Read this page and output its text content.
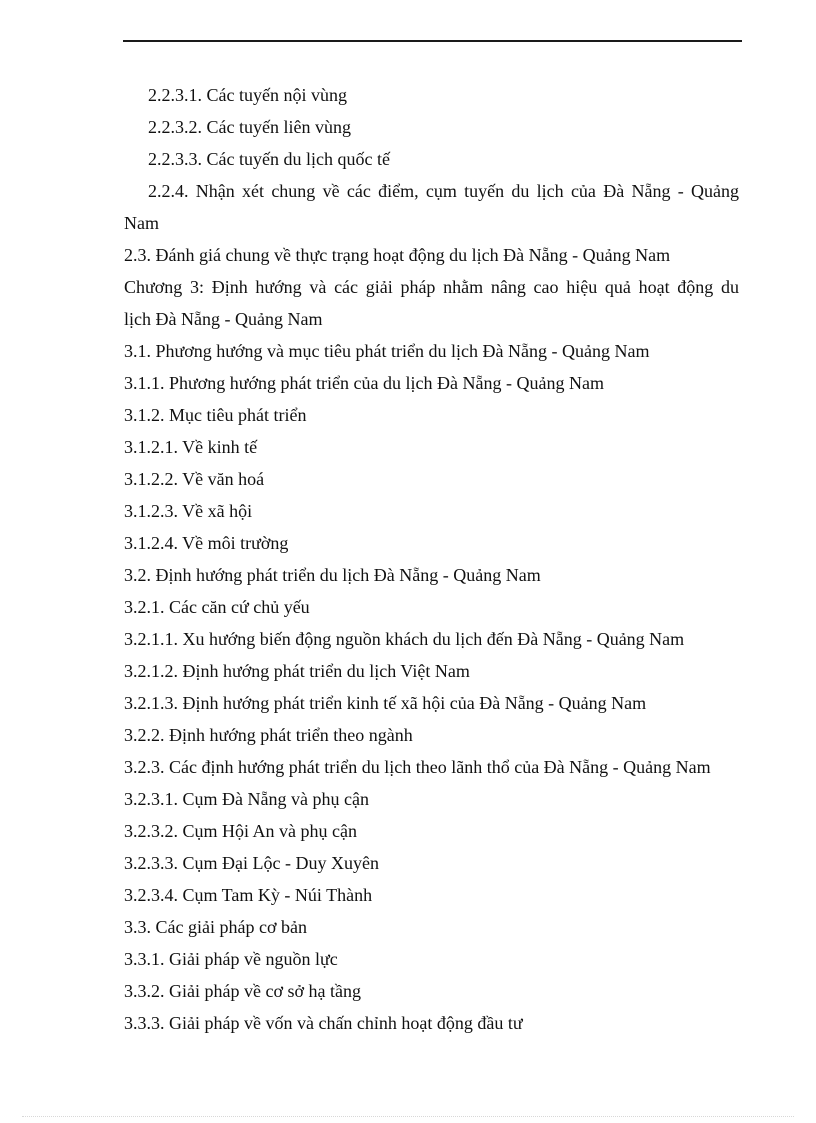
2.2.3.1. Các tuyến nội vùng
2.2.3.2. Các tuyến liên vùng
2.2.3.3. Các tuyến du lịch quốc tế
2.2.4. Nhận xét chung về các điểm, cụm tuyến du lịch của Đà Nẵng - Quảng
Nam
2.3. Đánh giá chung về thực trạng hoạt động du lịch Đà Nẵng - Quảng Nam
Chương 3: Định hướng và các giải pháp nhằm nâng cao hiệu quả hoạt động du
lịch Đà Nẵng - Quảng Nam
3.1. Phương hướng và mục tiêu phát triển du lịch Đà Nẵng - Quảng Nam
3.1.1. Phương hướng phát triển của du lịch Đà Nẵng - Quảng Nam
3.1.2. Mục tiêu phát triển
3.1.2.1. Về kinh tế
3.1.2.2. Về văn hoá
3.1.2.3. Về xã hội
3.1.2.4. Về môi trường
3.2. Định hướng phát triển du lịch Đà Nẵng - Quảng Nam
3.2.1. Các căn cứ chủ yếu
3.2.1.1. Xu hướng biến động nguồn khách du lịch đến Đà Nẵng - Quảng Nam
3.2.1.2. Định hướng phát triển du lịch Việt Nam
3.2.1.3. Định hướng phát triển kinh tế xã hội của Đà Nẵng - Quảng Nam
3.2.2. Định hướng phát triển theo ngành
3.2.3. Các định hướng phát triển du lịch theo lãnh thổ của Đà Nẵng - Quảng Nam
3.2.3.1. Cụm Đà Nẵng và phụ cận
3.2.3.2. Cụm Hội An và phụ cận
3.2.3.3. Cụm Đại Lộc - Duy Xuyên
3.2.3.4. Cụm Tam Kỳ - Núi Thành
3.3. Các giải pháp cơ bản
3.3.1. Giải pháp về nguồn lực
3.3.2. Giải pháp về cơ sở hạ tầng
3.3.3. Giải pháp về vốn và chấn chỉnh hoạt động đầu tư
